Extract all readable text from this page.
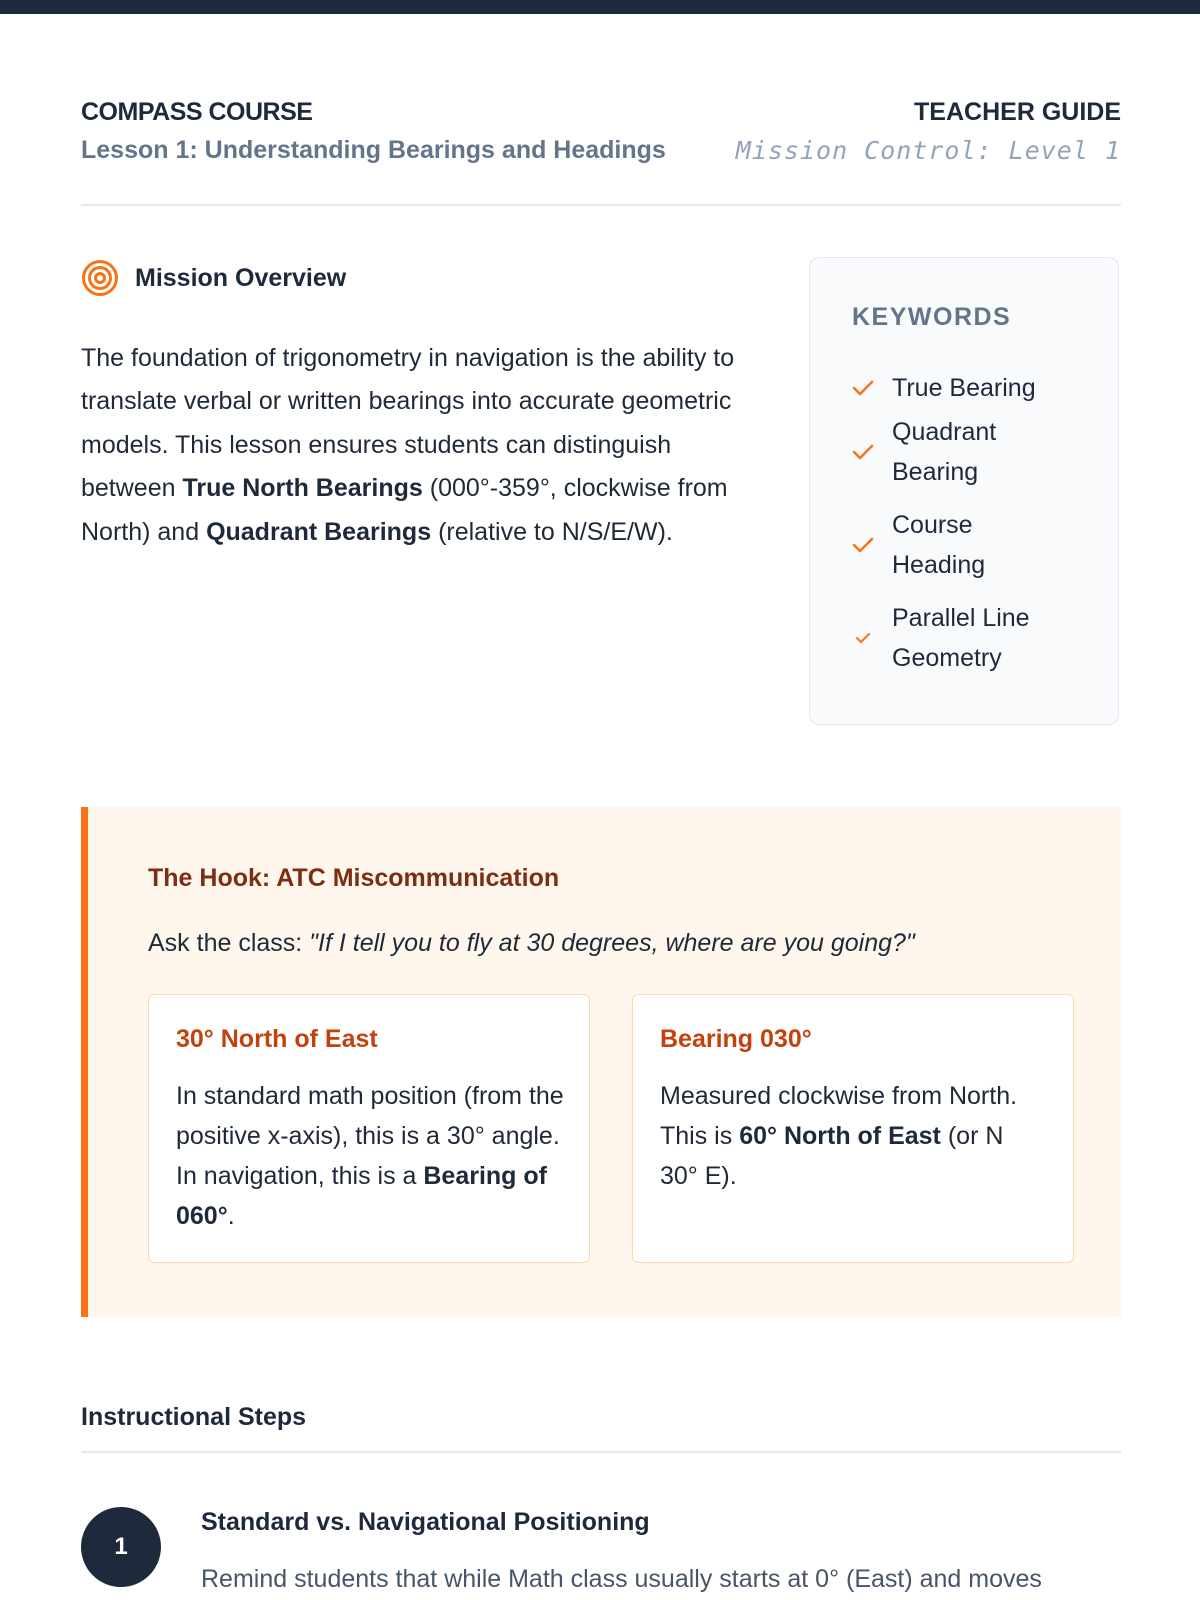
COMPASS COURSE
Lesson 1: Understanding Bearings and Headings
TEACHER GUIDE
Mission Control: Level 1
Mission Overview

The foundation of trigonometry in navigation is the ability to translate verbal or written bearings into accurate geometric models. This lesson ensures students can distinguish between True North Bearings (000°-359°, clockwise from North) and Quadrant Bearings (relative to N/S/E/W).

KEYWORDS
True Bearing
Quadrant Bearing
Course Heading
Parallel Line Geometry
The Hook: ATC Miscommunication
Ask the class: "If I tell you to fly at 30 degrees, where are you going?"
30° North of East
In standard math position (from the positive x-axis), this is a 30° angle. In navigation, this is a Bearing of 060°.
Bearing 030°
Measured clockwise from North. This is 60° North of East (or N 30° E).
Instructional Steps
1
Standard vs. Navigational Positioning
Remind students that while Math class usually starts at 0° (East) and moves
